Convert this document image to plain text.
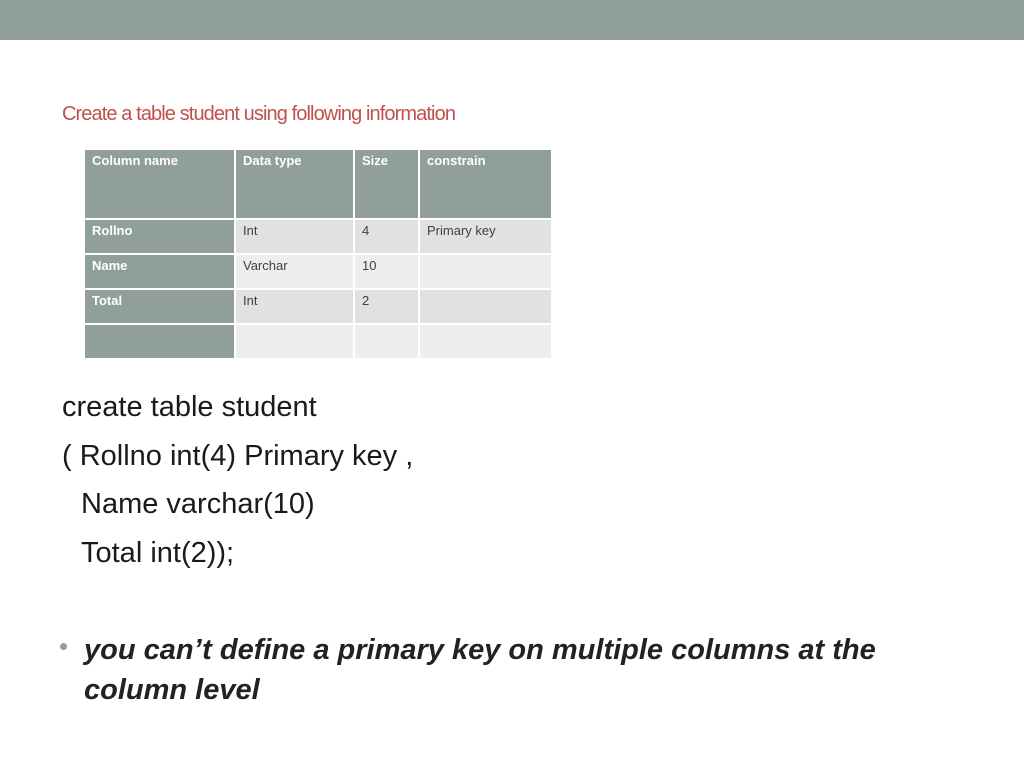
Create a table student using following information
Column name	Data type	Size	constrain
Rollno	Int	4	Primary key
Name	Varchar	10	
Total	Int	2	

create table student
( Rollno int(4) Primary key ,
Name varchar(10)
Total int(2));
you can’t define a primary key on multiple columns at the column level
